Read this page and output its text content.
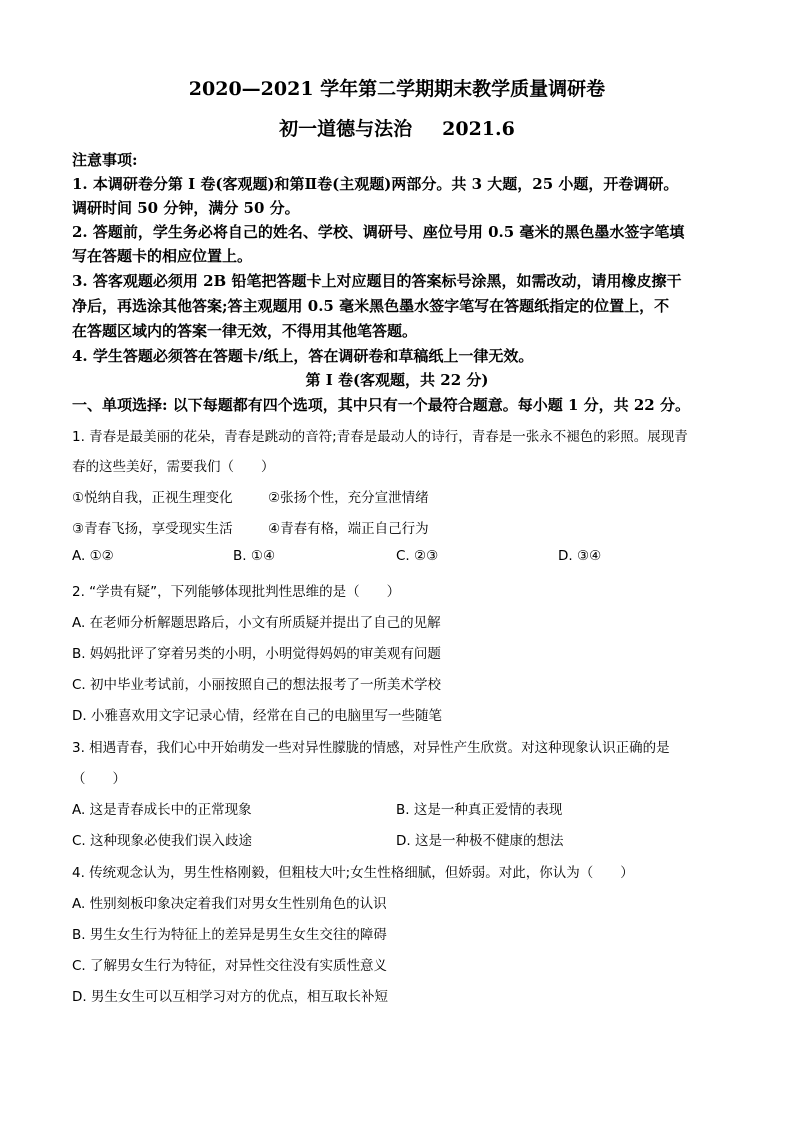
2020—2021 学年第二学期期末教学质量调研卷
初一道德与法治 2021.6
注意事项:
1. 本调研卷分第 I 卷(客观题)和第Ⅱ卷(主观题)两部分。共 3 大题，25 小题，开卷调研。
调研时间 50 分钟，满分 50 分。
2. 答题前，学生务必将自己的姓名、学校、调研号、座位号用 0.5 毫米的黑色墨水签字笔填
写在答题卡的相应位置上。
3. 答客观题必须用 2B 铅笔把答题卡上对应题目的答案标号涂黑，如需改动，请用橡皮擦干
净后，再选涂其他答案;答主观题用 0.5 毫米黑色墨水签字笔写在答题纸指定的位置上，不
在答题区域内的答案一律无效，不得用其他笔答题。
4. 学生答题必须答在答题卡/纸上，答在调研卷和草稿纸上一律无效。
第 I 卷(客观题，共 22 分)
一、单项选择: 以下每题都有四个选项，其中只有一个最符合题意。每小题 1 分，共 22 分。
1. 青春是最美丽的花朵，青春是跳动的音符;青春是最动人的诗行，青春是一张永不褪色的彩照。展现青
春的这些美好，需要我们（　　）
①悦纳自我，正视生理变化	②张扬个性，充分宣泄情绪
③青春飞扬，享受现实生活	④青春有格，端正自己行为
A. ①②	B. ①④	C. ②③	D. ③④
2. “学贵有疑”，下列能够体现批判性思维的是（　　）
A. 在老师分析解题思路后，小文有所质疑并提出了自己的见解
B. 妈妈批评了穿着另类的小明，小明觉得妈妈的审美观有问题
C. 初中毕业考试前，小丽按照自己的想法报考了一所美术学校
D. 小雅喜欢用文字记录心情，经常在自己的电脑里写一些随笔
3. 相遇青春，我们心中开始萌发一些对异性朦胧的情感，对异性产生欣赏。对这种现象认识正确的是
（　　）
A. 这是青春成长中的正常现象	B. 这是一种真正爱情的表现
C. 这种现象必使我们误入歧途	D. 这是一种极不健康的想法
4. 传统观念认为，男生性格刚毅，但粗枝大叶;女生性格细腻，但娇弱。对此，你认为（　　）
A. 性别刻板印象决定着我们对男女生性别角色的认识
B. 男生女生行为特征上的差异是男生女生交往的障碍
C. 了解男女生行为特征，对异性交往没有实质性意义
D. 男生女生可以互相学习对方的优点，相互取长补短
